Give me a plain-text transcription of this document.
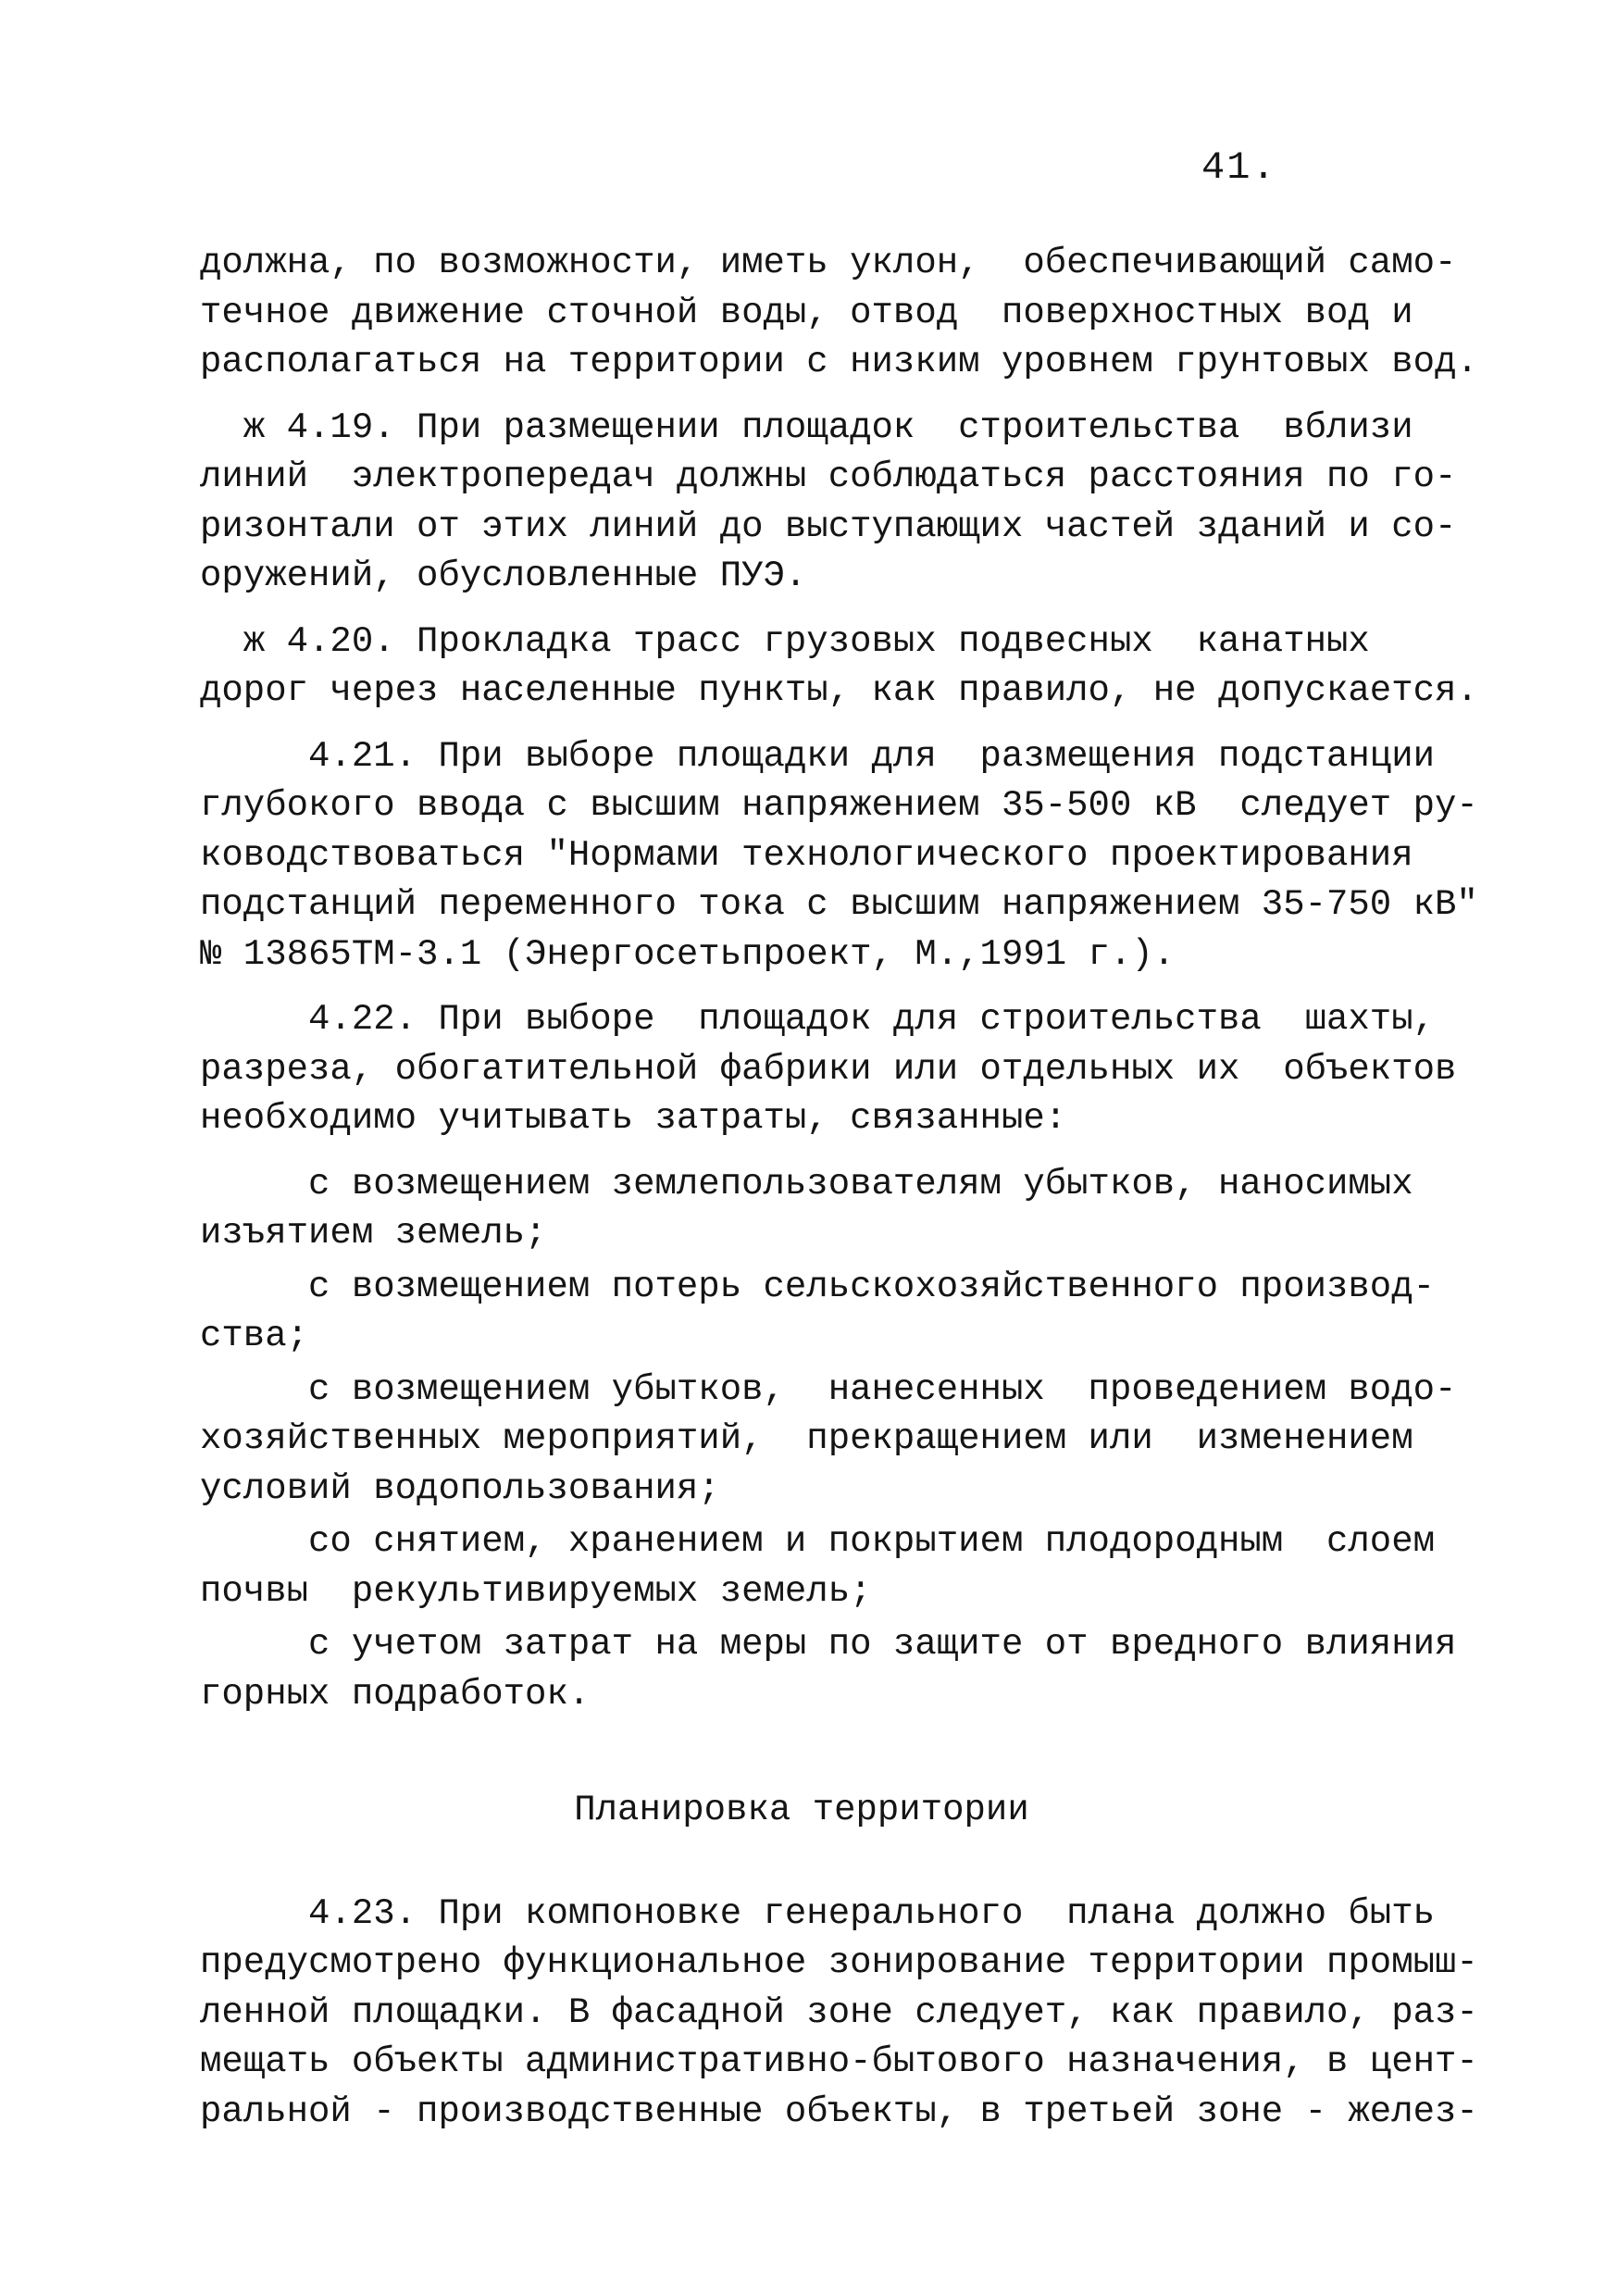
41.
должна, по возможности, иметь уклон,  обеспечивающий само-
течное движение сточной воды, отвод  поверхностных вод и
располагаться на территории с низким уровнем грунтовых вод.
ж 4.19. При размещении площадок  строительства  вблизи
линий  электропередач должны соблюдаться расстояния по го-
ризонтали от этих линий до выступающих частей зданий и со-
оружений, обусловленные ПУЭ.
ж 4.20. Прокладка трасс грузовых подвесных  канатных
дорог через населенные пункты, как правило, не допускается.
4.21. При выборе площадки для  размещения подстанции
глубокого ввода с высшим напряжением 35-500 кВ  следует ру-
ководствоваться "Нормами технологического проектирования
подстанций переменного тока с высшим напряжением 35-750 кВ"
№ 13865ТМ-3.1 (Энергосетьпроект, М.,1991 г.).
4.22. При выборе  площадок для строительства  шахты,
разреза, обогатительной фабрики или отдельных их  объектов
необходимо учитывать затраты, связанные:
с возмещением землепользователям убытков, наносимых
изъятием земель;
с возмещением потерь сельскохозяйственного производ-
ства;
с возмещением убытков,  нанесенных  проведением водо-
хозяйственных мероприятий,  прекращением или  изменением
условий водопользования;
со снятием, хранением и покрытием плодородным  слоем
почвы  рекультивируемых земель;
с учетом затрат на меры по защите от вредного влияния
горных подработок.
Планировка территории
4.23. При компоновке генерального  плана должно быть
предусмотрено функциональное зонирование территории промыш-
ленной площадки. В фасадной зоне следует, как правило, раз-
мещать объекты административно-бытового назначения, в цент-
ральной - производственные объекты, в третьей зоне - желез-
